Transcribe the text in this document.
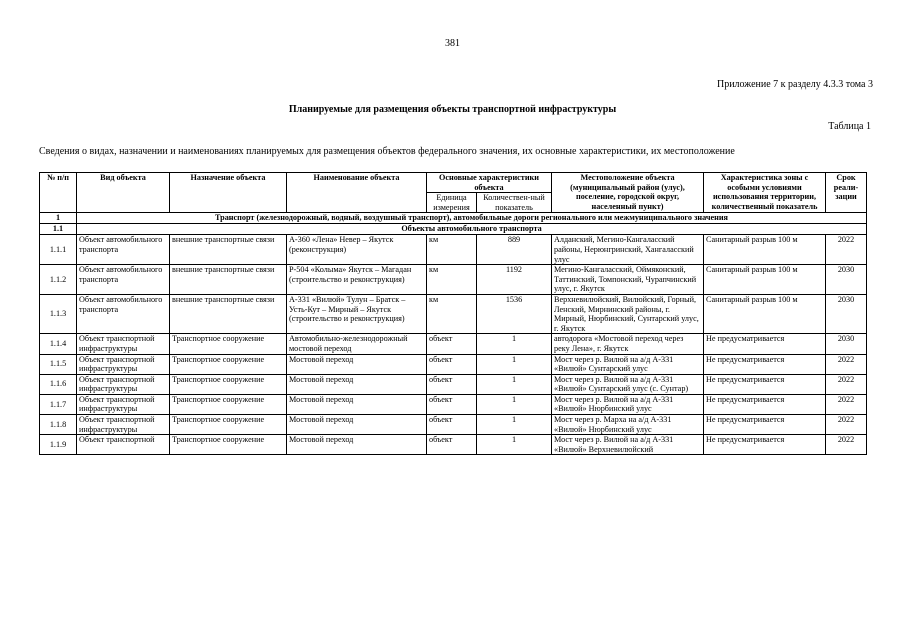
381
Приложение 7 к разделу 4.3.3 тома 3
Планируемые для размещения объекты транспортной инфраструктуры
Таблица 1
Сведения о видах, назначении и наименованиях планируемых для размещения объектов федерального значения, их основные характеристики, их местоположение
№ п/п	Вид объекта	Назначение объекта	Наименование объекта	Основные характеристики объекта		Местоположение объекта (муниципальный район (улус), поселение, городской округ, населенный пункт)	Характеристика зоны с особыми условиями использования территории, количественный показатель	Срок реали-зации
				Единица измерения	Количествен-ный показатель			
1	Транспорт (железнодорожный, водный, воздушный транспорт), автомобильные дороги регионального или межмуниципального значения							
1.1	Объекты автомобильного транспорта							
1.1.1	Объект автомобильного транспорта	внешние транспортные связи	А-360 «Лена» Невер – Якутск (реконструкция)	км	889	Алданский, Мегино-Кангаласский районы, Нерюнгринский, Хангаласский улус	Санитарный разрыв 100 м	2022
1.1.2	Объект автомобильного транспорта	внешние транспортные связи	Р-504 «Колыма» Якутск – Магадан (строительство и реконструкция)	км	1192	Мегино-Кангаласский, Оймяконский, Таттинский, Томпонский, Чурапчинский улус, г. Якутск	Санитарный разрыв 100 м	2030
1.1.3	Объект автомобильного транспорта	внешние транспортные связи	А-331 «Вилюй» Тулун – Братск – Усть-Кут – Мирный – Якутск (строительство и реконструкция)	км	1536	Верхневилюйский, Вилюйский, Горный, Ленский, Мирнинский районы, г. Мирный, Нюрбинский, Сунтарский улус, г. Якутск	Санитарный разрыв 100 м	2030
1.1.4	Объект транспортной инфраструктуры	Транспортное сооружение	Автомобильно-железнодорожный мостовой переход	объект	1	автодорога «Мостовой переход через реку Лена», г. Якутск	Не предусматривается	2030
1.1.5	Объект транспортной инфраструктуры	Транспортное сооружение	Мостовой переход	объект	1	Мост через р. Вилюй на а/д А-331 «Вилюй» Сунтарский улус	Не предусматривается	2022
1.1.6	Объект транспортной инфраструктуры	Транспортное сооружение	Мостовой переход	объект	1	Мост через р. Вилюй на а/д А-331 «Вилюй» Сунтарский улус (с. Сунтар)	Не предусматривается	2022
1.1.7	Объект транспортной инфраструктуры	Транспортное сооружение	Мостовой переход	объект	1	Мост через р. Вилюй на а/д А-331 «Вилюй» Нюрбинский улус	Не предусматривается	2022
1.1.8	Объект транспортной инфраструктуры	Транспортное сооружение	Мостовой переход	объект	1	Мост через р. Марха на а/д А-331 «Вилюй» Нюрбинский улус	Не предусматривается	2022
1.1.9	Объект транспортной	Транспортное сооружение	Мостовой переход	объект	1	Мост через р. Вилюй на а/д А-331 «Вилюй» Верхневилюйский	Не предусматривается	2022
